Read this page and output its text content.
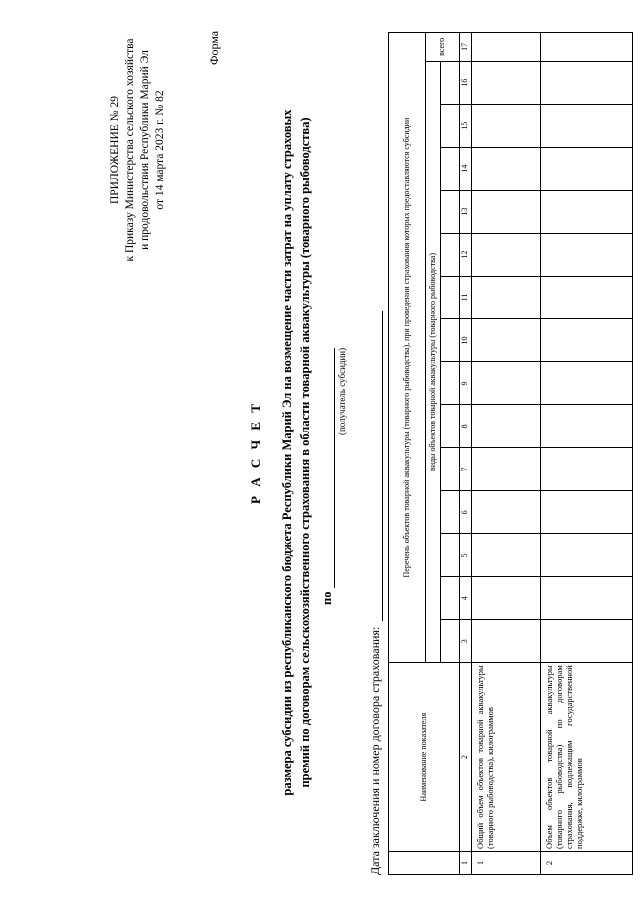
ПРИЛОЖЕНИЕ № 29 к Приказу Министерства сельского хозяйства и продовольствия Республики Марий Эл от 14 марта 2023 г. № 82
Форма
Р А С Ч Е Т размера субсидии из республиканского бюджета Республики Марий Эл на возмещение части затрат на уплату страховых премий по договорам сельскохозяйственного страхования в области товарной аквакультуры (товарного рыбоводства) по
(получатель субсидии)
Дата заключения и номер договора страхования:
		Наименование показателя	Перечень объектов товарной аквакультуры (товарного рыбоводства), при проведении страхования которых предоставляются субсидии														
		виды объектов товарной аквакультуры (товарного рыбоводства)														всего

1	2	3	4	5	6	7	8	9	10	11	12	13	14	15	16	17
1	Общий объем объектов товарной аквакультуры (товарного рыбоводства), килограммов															
2	Объем объектов товарной аквакультуры (товарного рыбоводства) по договорам страхования, подлежащим государственной поддержке, килограммов															
